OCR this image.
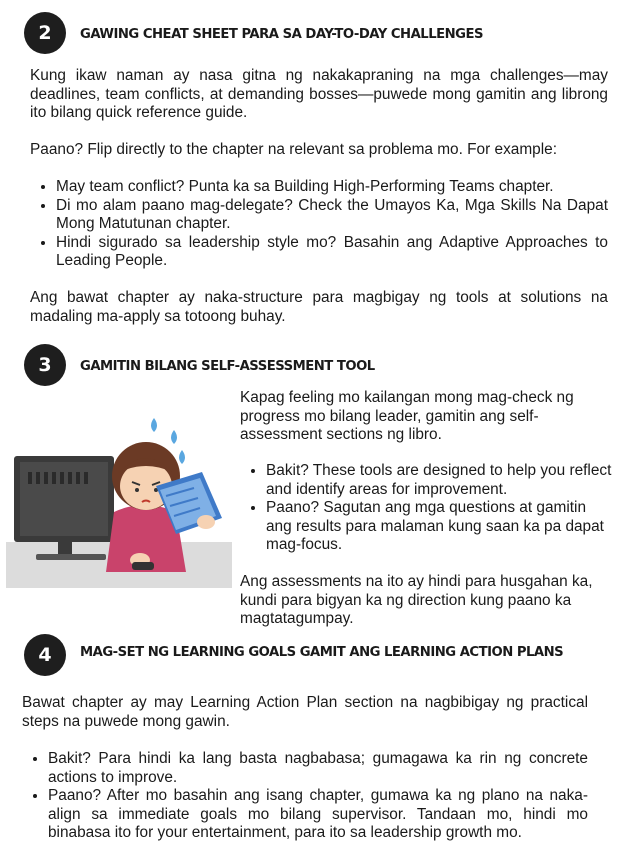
2	GAWING CHEAT SHEET PARA SA DAY-TO-DAY CHALLENGES

Kung ikaw naman ay nasa gitna ng nakakapraning na mga challenges—may deadlines, team conflicts, at demanding bosses—puwede mong gamitin ang librong ito bilang quick reference guide.

Paano? Flip directly to the chapter na relevant sa problema mo. For example:

• May team conflict? Punta ka sa Building High-Performing Teams chapter.
• Di mo alam paano mag-delegate? Check the Umayos Ka, Mga Skills Na Dapat Mong Matutunan chapter.
• Hindi sigurado sa leadership style mo? Basahin ang Adaptive Approaches to Leading People.

Ang bawat chapter ay naka-structure para magbigay ng tools at solutions na madaling ma-apply sa totoong buhay.

3	GAMITIN BILANG SELF-ASSESSMENT TOOL

Kapag feeling mo kailangan mong mag-check ng progress mo bilang leader, gamitin ang self-assessment sections ng libro.

• Bakit? These tools are designed to help you reflect and identify areas for improvement.
• Paano? Sagutan ang mga questions at gamitin ang results para malaman kung saan ka pa dapat mag-focus.

Ang assessments na ito ay hindi para husgahan ka, kundi para bigyan ka ng direction kung paano ka magtatagumpay.

4	MAG-SET NG LEARNING GOALS GAMIT ANG LEARNING ACTION PLANS

Bawat chapter ay may Learning Action Plan section na nagbibigay ng practical steps na puwede mong gawin.

• Bakit? Para hindi ka lang basta nagbabasa; gumagawa ka rin ng concrete actions to improve.
• Paano? After mo basahin ang isang chapter, gumawa ka ng plano na naka-align sa immediate goals mo bilang supervisor. Tandaan mo, hindi mo binabasa ito for your entertainment, para ito sa leadership growth mo.
